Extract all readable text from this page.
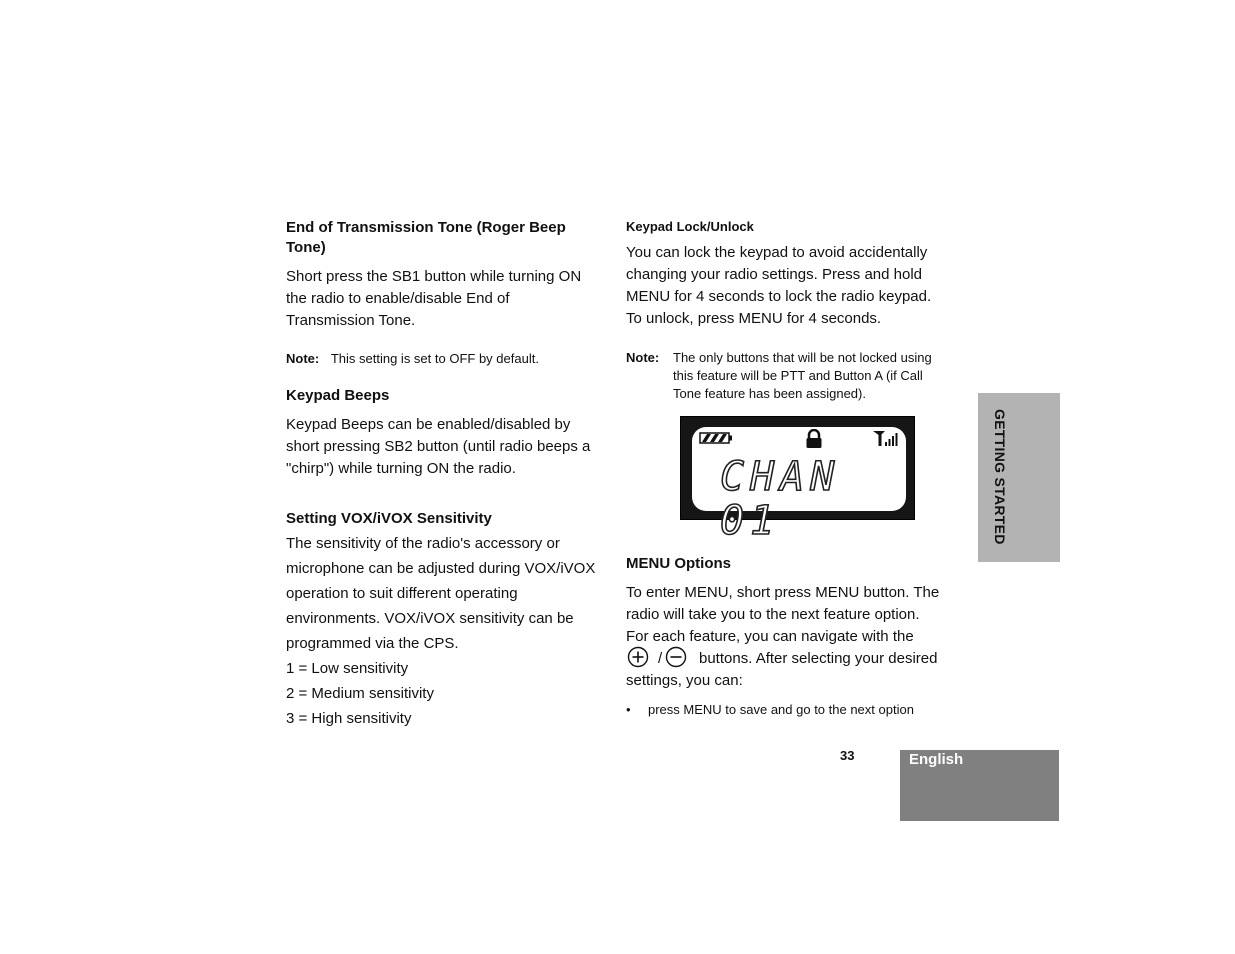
End of Transmission Tone (Roger Beep
Tone)
Short press the SB1 button while turning ON
the radio to enable/disable End of
Transmission Tone.
Note: This setting is set to OFF by default.
Keypad Beeps
Keypad Beeps can be enabled/disabled by
short pressing SB2 button (until radio beeps a
"chirp") while turning ON the radio.
Setting VOX/iVOX Sensitivity
The sensitivity of the radio's accessory or
microphone can be adjusted during VOX/iVOX
operation to suit different operating
environments. VOX/iVOX sensitivity can be
programmed via the CPS.
1 = Low sensitivity
2 = Medium sensitivity
3 = High sensitivity
Keypad Lock/Unlock
You can lock the keypad to avoid accidentally
changing your radio settings. Press and hold
MENU for 4 seconds to lock the radio keypad.
To unlock, press MENU for 4 seconds.
Note: The only buttons that will be not locked using
this feature will be PTT and Button A (if Call
Tone feature has been assigned).
CHAN 01
MENU Options
To enter MENU, short press MENU button. The
radio will take you to the next feature option.
For each feature, you can navigate with the
/ buttons. After selecting your desired
settings, you can:
• press MENU to save and go to the next option
33	English
GETTING STARTED
